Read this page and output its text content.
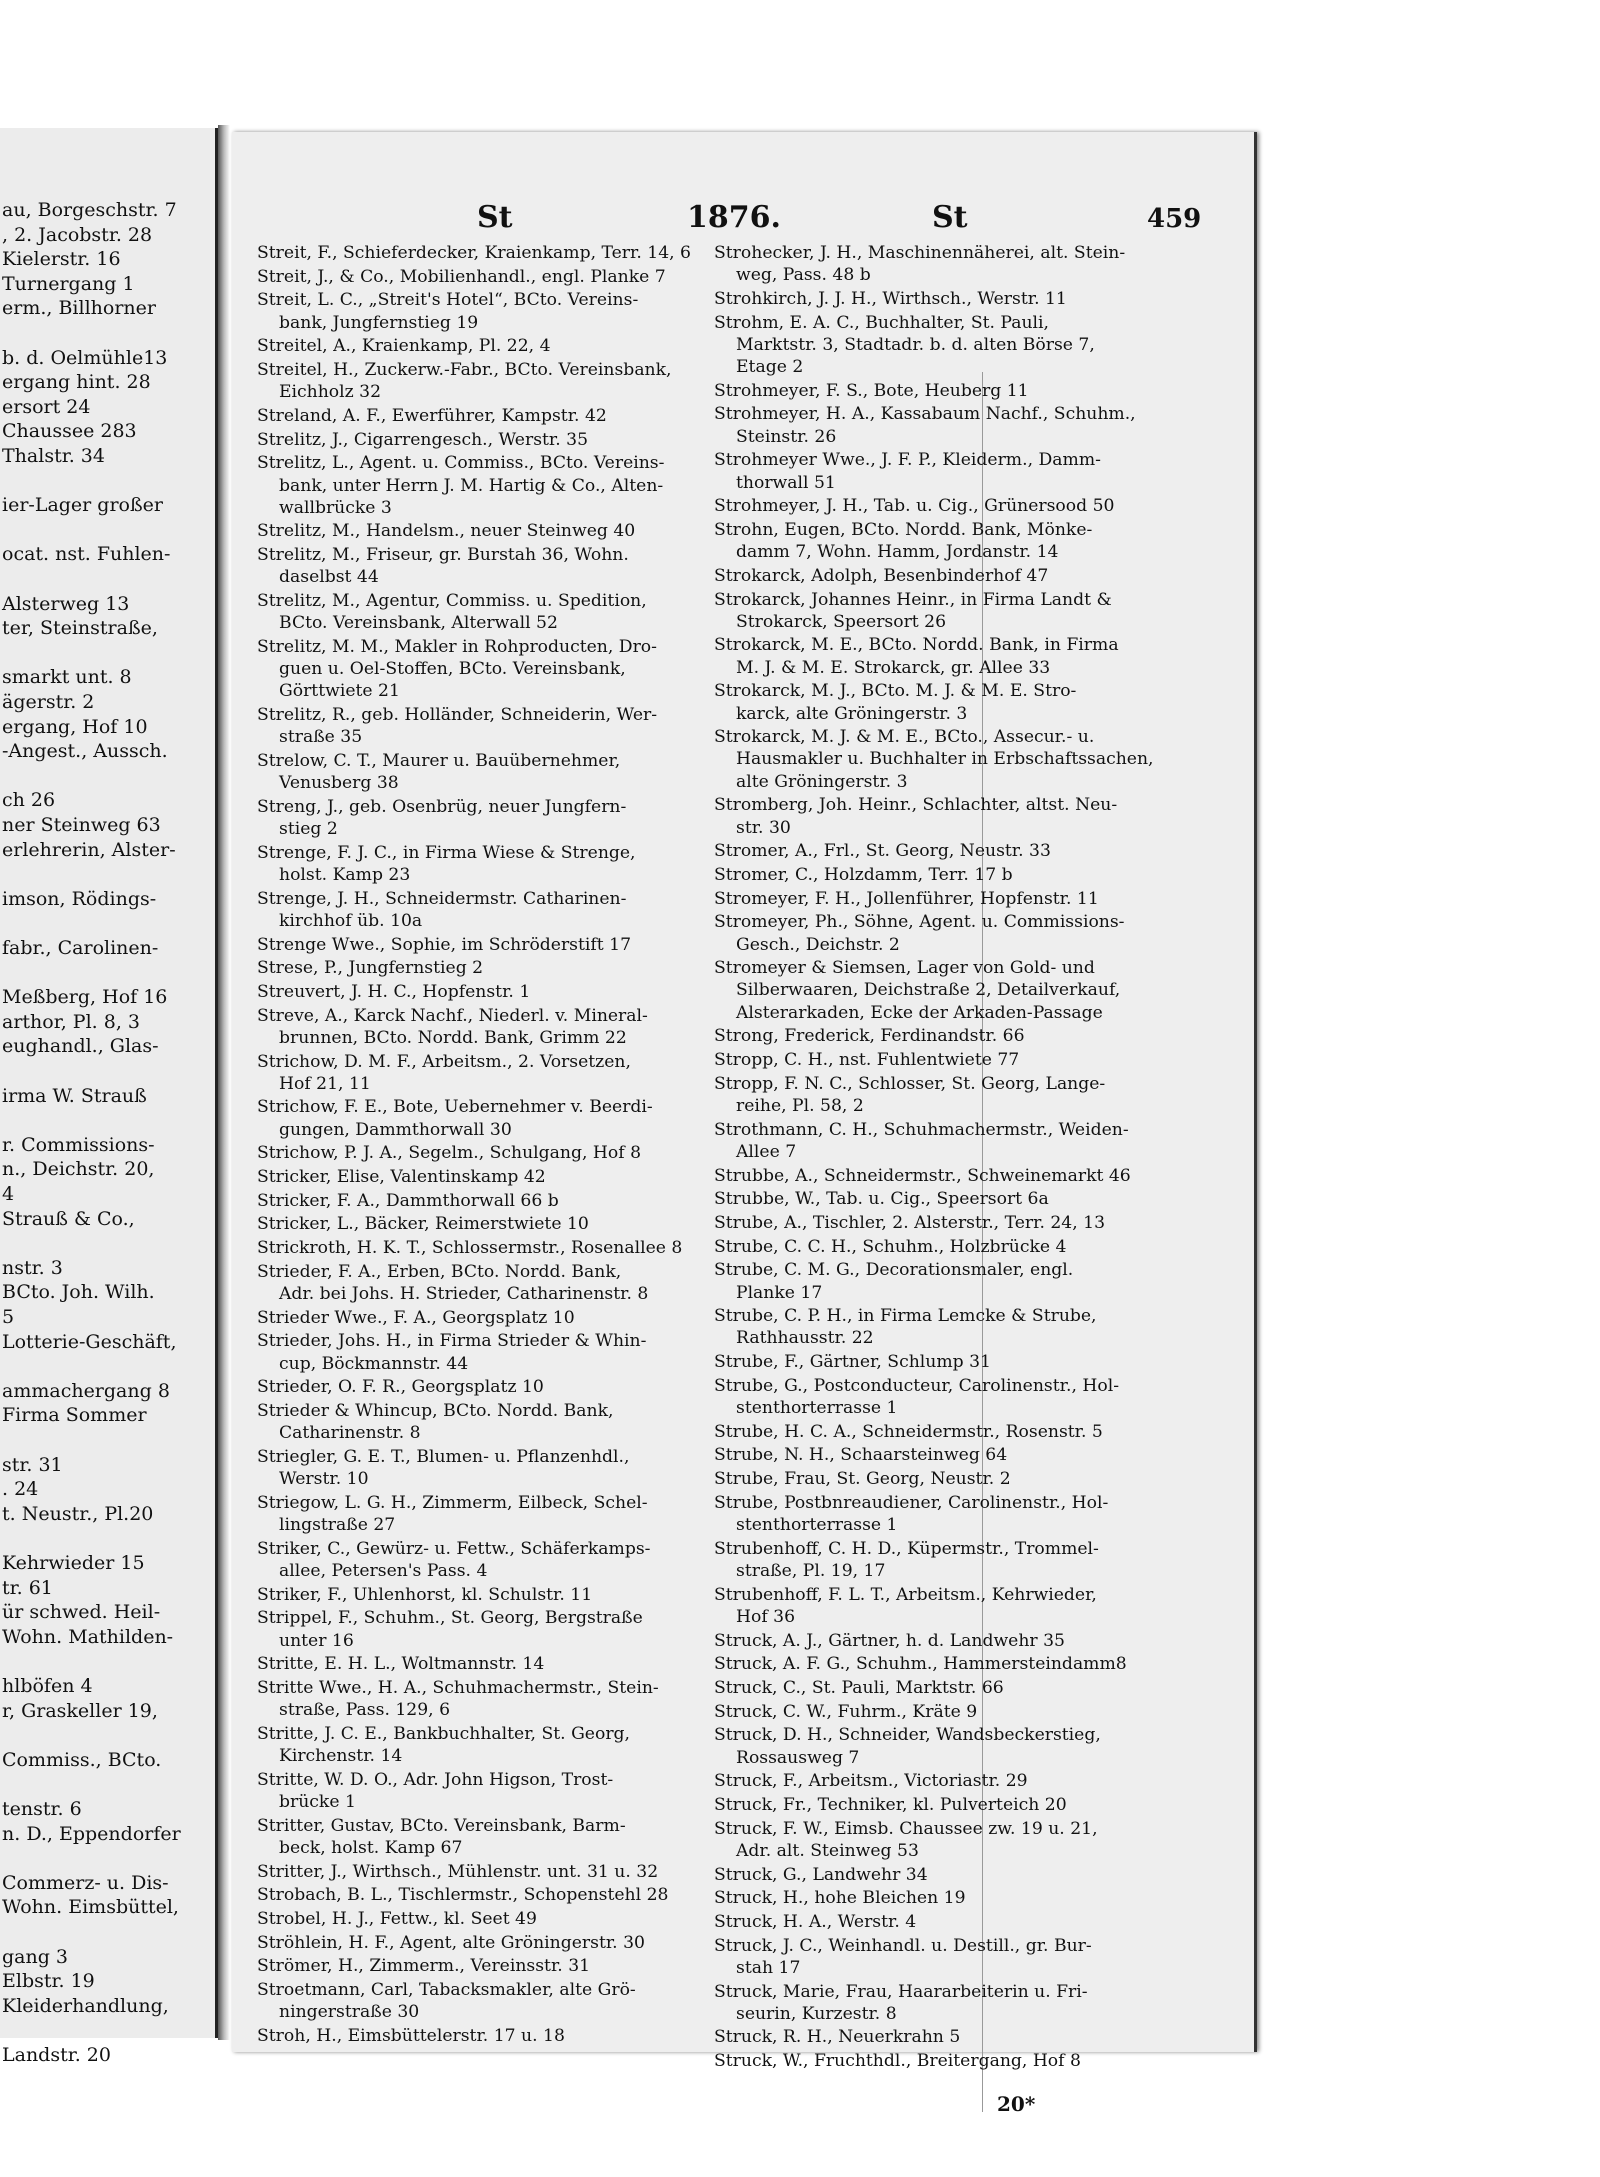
au, Borgeschstr. 7
, 2. Jacobstr. 28
Kielerstr. 16
Turnergang 1
erm., Billhorner
b. d. Oelmühle13
ergang hint. 28
ersort 24
Chaussee 283
Thalstr. 34
ier-Lager großer
ocat. nst. Fuhlen-
Alsterweg 13
ter, Steinstraße,
smarkt unt. 8
ägerstr. 2
ergang, Hof 10
-Angest., Aussch.
ch 26
ner Steinweg 63
erlehrerin, Alster-
imson, Rödings-
fabr., Carolinen-
Meßberg, Hof 16
arthor, Pl. 8, 3
eughandl., Glas-
irma W. Strauß
r. Commissions-
n., Deichstr. 20,
4
Strauß & Co.,
nstr. 3
BCto. Joh. Wilh.
5
Lotterie-Geschäft,
ammachergang 8
Firma Sommer
str. 31
. 24
t. Neustr., Pl.20
Kehrwieder 15
tr. 61
ür schwed. Heil-
Wohn. Mathilden-
hlböfen 4
r, Graskeller 19,
Commiss., BCto.
tenstr. 6
n. D., Eppendorfer
Commerz- u. Dis-
Wohn. Eimsbüttel,
gang 3
Elbstr. 19
Kleiderhandlung,
Landstr. 20
St	1876.	St	459
Streit, F., Schieferdecker, Kraienkamp, Terr. 14, 6
Streit, J., & Co., Mobilienhandl., engl. Planke 7
Streit, L. C., „Streit's Hotel“, BCto. Vereins-
bank, Jungfernstieg 19
Streitel, A., Kraienkamp, Pl. 22, 4
Streitel, H., Zuckerw.-Fabr., BCto. Vereinsbank,
Eichholz 32
Streland, A. F., Ewerführer, Kampstr. 42
Strelitz, J., Cigarrengesch., Werstr. 35
Strelitz, L., Agent. u. Commiss., BCto. Vereins-
bank, unter Herrn J. M. Hartig & Co., Alten-
wallbrücke 3
Strelitz, M., Handelsm., neuer Steinweg 40
Strelitz, M., Friseur, gr. Burstah 36, Wohn.
daselbst 44
Strelitz, M., Agentur, Commiss. u. Spedition,
BCto. Vereinsbank, Alterwall 52
Strelitz, M. M., Makler in Rohproducten, Dro-
guen u. Oel-Stoffen, BCto. Vereinsbank,
Görttwiete 21
Strelitz, R., geb. Holländer, Schneiderin, Wer-
straße 35
Strelow, C. T., Maurer u. Bauübernehmer,
Venusberg 38
Streng, J., geb. Osenbrüg, neuer Jungfern-
stieg 2
Strenge, F. J. C., in Firma Wiese & Strenge,
holst. Kamp 23
Strenge, J. H., Schneidermstr. Catharinen-
kirchhof üb. 10a
Strenge Wwe., Sophie, im Schröderstift 17
Strese, P., Jungfernstieg 2
Streuvert, J. H. C., Hopfenstr. 1
Streve, A., Karck Nachf., Niederl. v. Mineral-
brunnen, BCto. Nordd. Bank, Grimm 22
Strichow, D. M. F., Arbeitsm., 2. Vorsetzen,
Hof 21, 11
Strichow, F. E., Bote, Uebernehmer v. Beerdi-
gungen, Dammthorwall 30
Strichow, P. J. A., Segelm., Schulgang, Hof 8
Stricker, Elise, Valentinskamp 42
Stricker, F. A., Dammthorwall 66 b
Stricker, L., Bäcker, Reimerstwiete 10
Strickroth, H. K. T., Schlossermstr., Rosenallee 8
Strieder, F. A., Erben, BCto. Nordd. Bank,
Adr. bei Johs. H. Strieder, Catharinenstr. 8
Strieder Wwe., F. A., Georgsplatz 10
Strieder, Johs. H., in Firma Strieder & Whin-
cup, Böckmannstr. 44
Strieder, O. F. R., Georgsplatz 10
Strieder & Whincup, BCto. Nordd. Bank,
Catharinenstr. 8
Striegler, G. E. T., Blumen- u. Pflanzenhdl.,
Werstr. 10
Striegow, L. G. H., Zimmerm, Eilbeck, Schel-
lingstraße 27
Striker, C., Gewürz- u. Fettw., Schäferkamps-
allee, Petersen's Pass. 4
Striker, F., Uhlenhorst, kl. Schulstr. 11
Strippel, F., Schuhm., St. Georg, Bergstraße
unter 16
Stritte, E. H. L., Woltmannstr. 14
Stritte Wwe., H. A., Schuhmachermstr., Stein-
straße, Pass. 129, 6
Stritte, J. C. E., Bankbuchhalter, St. Georg,
Kirchenstr. 14
Stritte, W. D. O., Adr. John Higson, Trost-
brücke 1
Stritter, Gustav, BCto. Vereinsbank, Barm-
beck, holst. Kamp 67
Stritter, J., Wirthsch., Mühlenstr. unt. 31 u. 32
Strobach, B. L., Tischlermstr., Schopenstehl 28
Strobel, H. J., Fettw., kl. Seet 49
Ströhlein, H. F., Agent, alte Gröningerstr. 30
Strömer, H., Zimmerm., Vereinsstr. 31
Stroetmann, Carl, Tabacksmakler, alte Grö-
ningerstraße 30
Stroh, H., Eimsbüttelerstr. 17 u. 18
Strohecker, J. H., Maschinennäherei, alt. Stein-
weg, Pass. 48 b
Strohkirch, J. J. H., Wirthsch., Werstr. 11
Strohm, E. A. C., Buchhalter, St. Pauli,
Marktstr. 3, Stadtadr. b. d. alten Börse 7,
Etage 2
Strohmeyer, F. S., Bote, Heuberg 11
Strohmeyer, H. A., Kassabaum Nachf., Schuhm.,
Steinstr. 26
Strohmeyer Wwe., J. F. P., Kleiderm., Damm-
thorwall 51
Strohmeyer, J. H., Tab. u. Cig., Grünersood 50
Strohn, Eugen, BCto. Nordd. Bank, Mönke-
damm 7, Wohn. Hamm, Jordanstr. 14
Strokarck, Adolph, Besenbinderhof 47
Strokarck, Johannes Heinr., in Firma Landt &
Strokarck, Speersort 26
Strokarck, M. E., BCto. Nordd. Bank, in Firma
M. J. & M. E. Strokarck, gr. Allee 33
Strokarck, M. J., BCto. M. J. & M. E. Stro-
karck, alte Gröningerstr. 3
Strokarck, M. J. & M. E., BCto., Assecur.- u.
Hausmakler u. Buchhalter in Erbschaftssachen,
alte Gröningerstr. 3
Stromberg, Joh. Heinr., Schlachter, altst. Neu-
str. 30
Stromer, A., Frl., St. Georg, Neustr. 33
Stromer, C., Holzdamm, Terr. 17 b
Stromeyer, F. H., Jollenführer, Hopfenstr. 11
Stromeyer, Ph., Söhne, Agent. u. Commissions-
Gesch., Deichstr. 2
Stromeyer & Siemsen, Lager von Gold- und
Silberwaaren, Deichstraße 2, Detailverkauf,
Alsterarkaden, Ecke der Arkaden-Passage
Strong, Frederick, Ferdinandstr. 66
Stropp, C. H., nst. Fuhlentwiete 77
Stropp, F. N. C., Schlosser, St. Georg, Lange-
reihe, Pl. 58, 2
Strothmann, C. H., Schuhmachermstr., Weiden-
Allee 7
Strubbe, A., Schneidermstr., Schweinemarkt 46
Strubbe, W., Tab. u. Cig., Speersort 6a
Strube, A., Tischler, 2. Alsterstr., Terr. 24, 13
Strube, C. C. H., Schuhm., Holzbrücke 4
Strube, C. M. G., Decorationsmaler, engl.
Planke 17
Strube, C. P. H., in Firma Lemcke & Strube,
Rathhausstr. 22
Strube, F., Gärtner, Schlump 31
Strube, G., Postconducteur, Carolinenstr., Hol-
stenthorterrasse 1
Strube, H. C. A., Schneidermstr., Rosenstr. 5
Strube, N. H., Schaarsteinweg 64
Strube, Frau, St. Georg, Neustr. 2
Strube, Postbnreaudiener, Carolinenstr., Hol-
stenthorterrasse 1
Strubenhoff, C. H. D., Küpermstr., Trommel-
straße, Pl. 19, 17
Strubenhoff, F. L. T., Arbeitsm., Kehrwieder,
Hof 36
Struck, A. J., Gärtner, h. d. Landwehr 35
Struck, A. F. G., Schuhm., Hammersteindamm8
Struck, C., St. Pauli, Marktstr. 66
Struck, C. W., Fuhrm., Kräte 9
Struck, D. H., Schneider, Wandsbeckerstieg,
Rossausweg 7
Struck, F., Arbeitsm., Victoriastr. 29
Struck, Fr., Techniker, kl. Pulverteich 20
Struck, F. W., Eimsb. Chaussee zw. 19 u. 21,
Adr. alt. Steinweg 53
Struck, G., Landwehr 34
Struck, H., hohe Bleichen 19
Struck, H. A., Werstr. 4
Struck, J. C., Weinhandl. u. Destill., gr. Bur-
stah 17
Struck, Marie, Frau, Haararbeiterin u. Fri-
seurin, Kurzestr. 8
Struck, R. H., Neuerkrahn 5
Struck, W., Fruchthdl., Breitergang, Hof 8
20*
